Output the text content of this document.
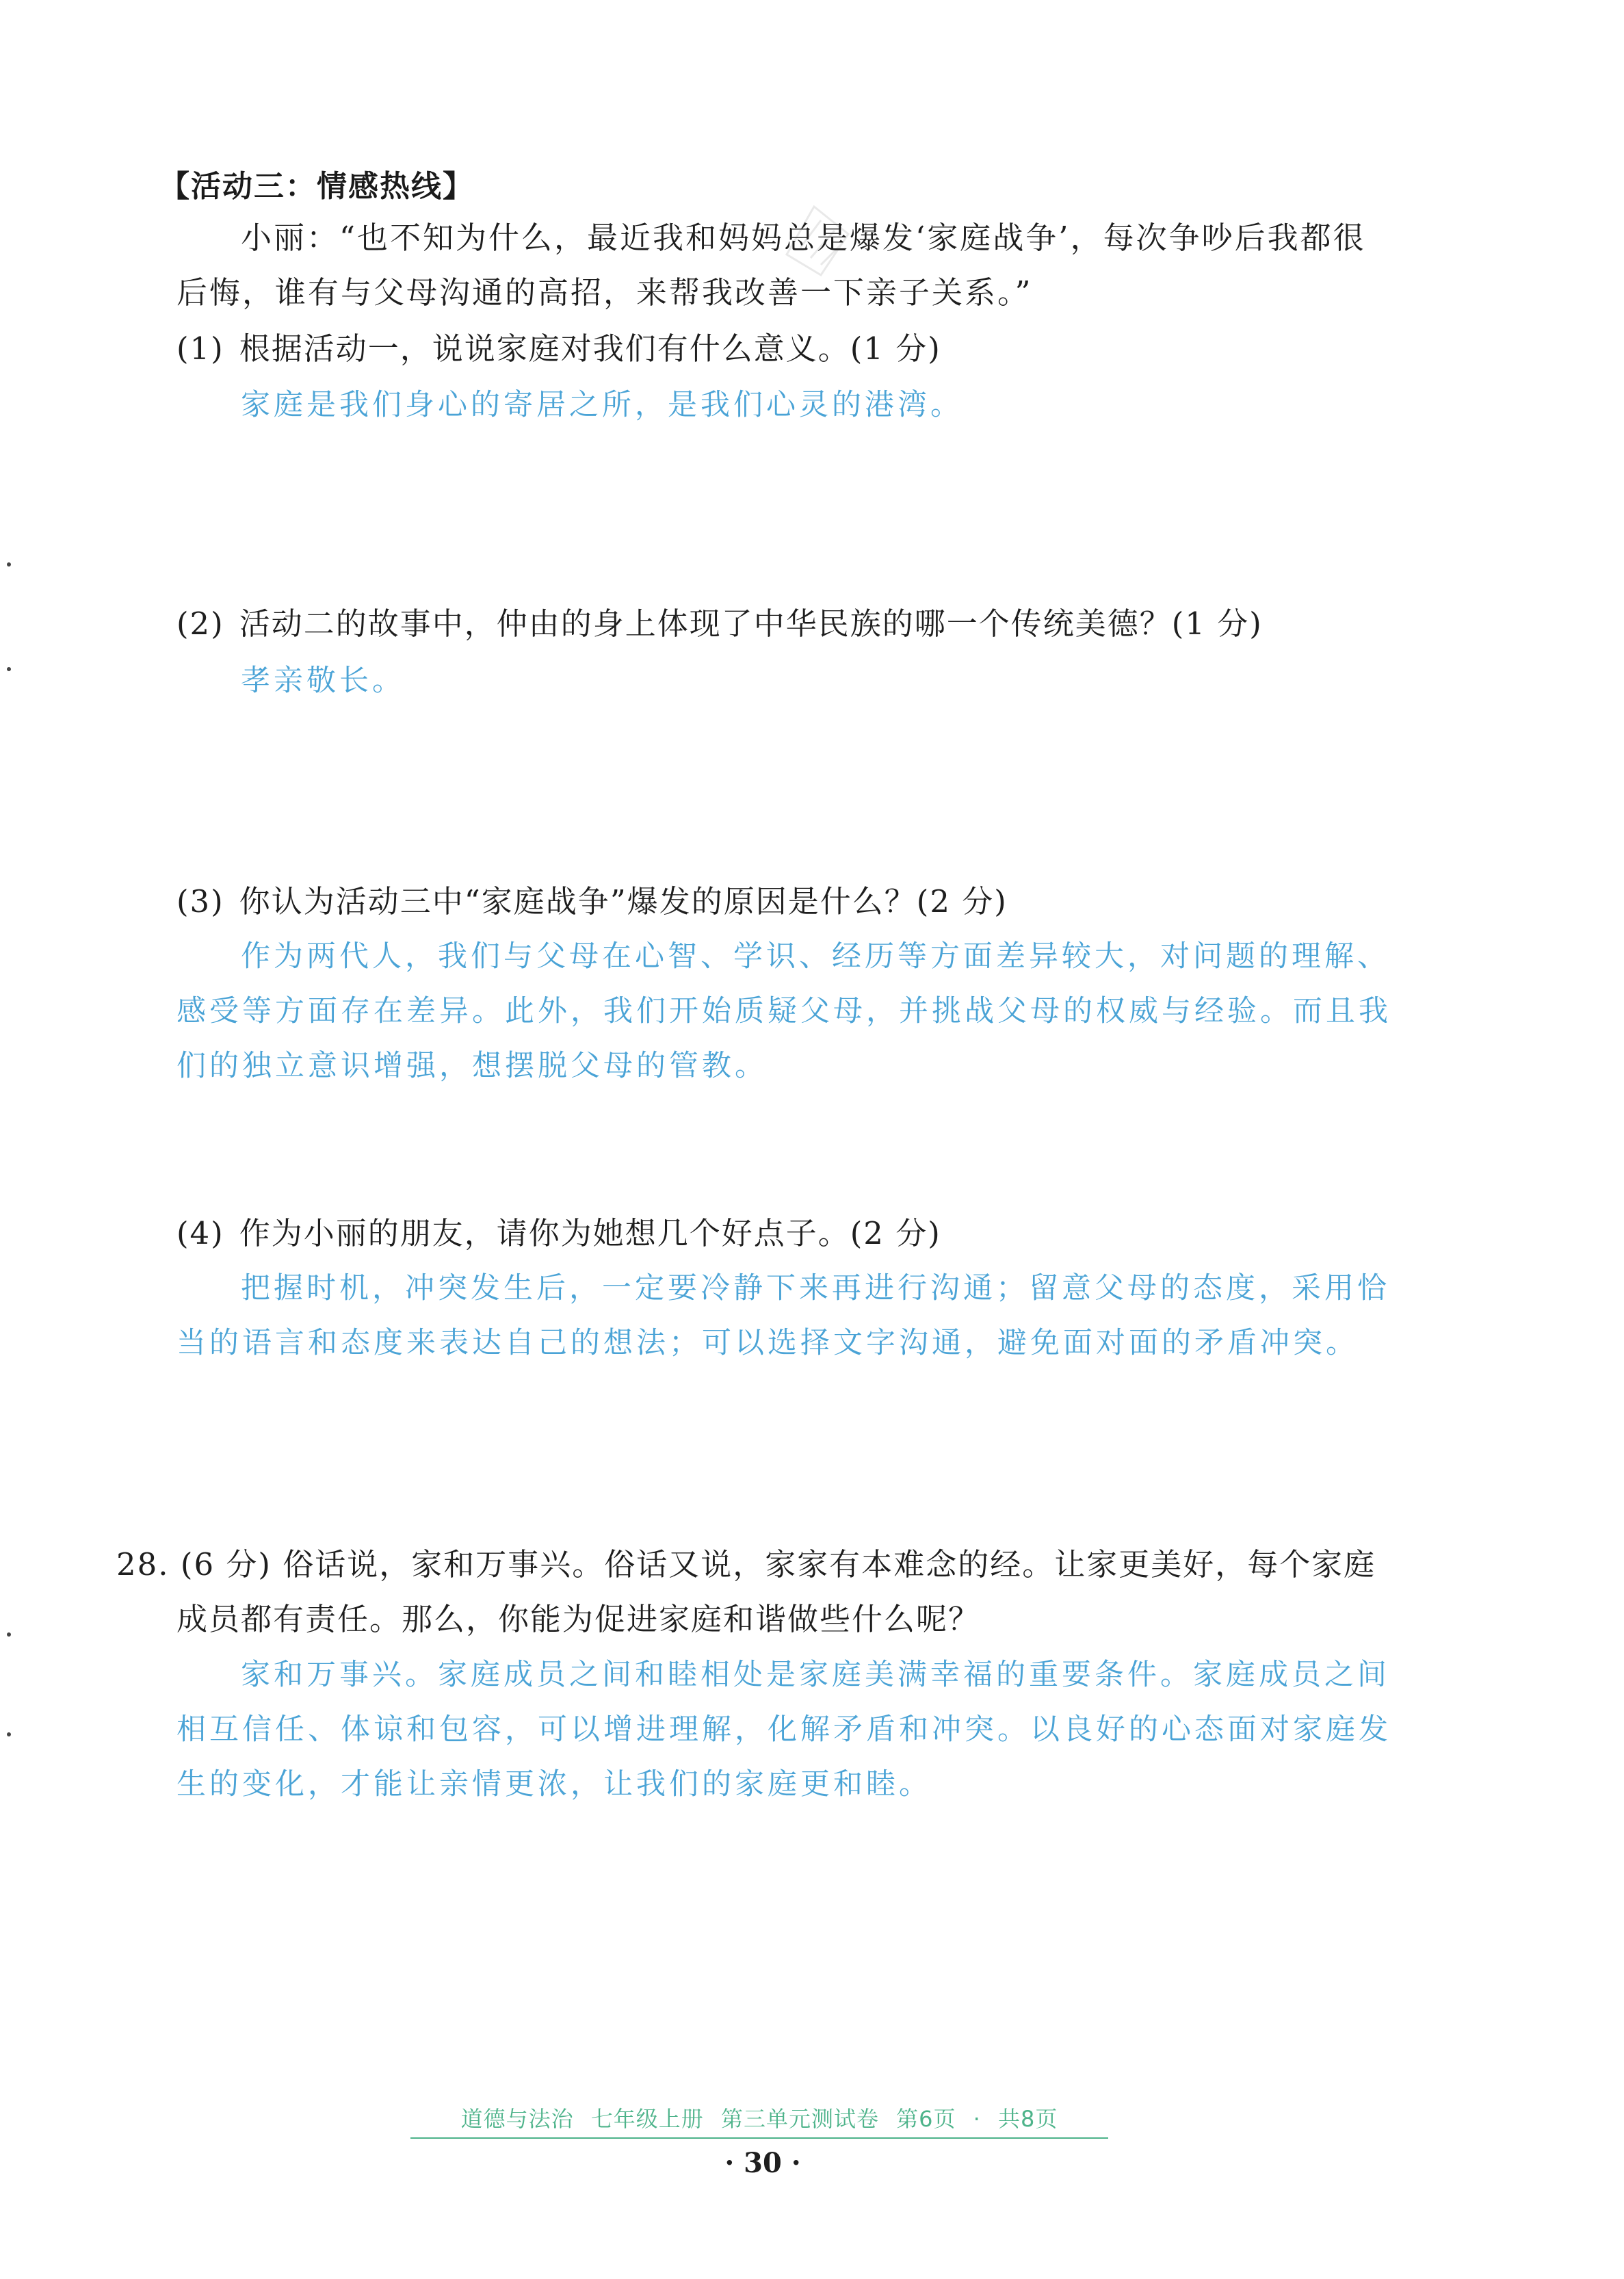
【活动三：情感热线】
小丽：“也不知为什么，最近我和妈妈总是爆发‘家庭战争’，每次争吵后我都很
后悔，谁有与父母沟通的高招，来帮我改善一下亲子关系。”
(1) 根据活动一，说说家庭对我们有什么意义。(1 分)
家庭是我们身心的寄居之所，是我们心灵的港湾。
(2) 活动二的故事中，仲由的身上体现了中华民族的哪一个传统美德？(1 分)
孝亲敬长。
(3) 你认为活动三中“家庭战争”爆发的原因是什么？(2 分)
作为两代人，我们与父母在心智、学识、经历等方面差异较大，对问题的理解、
感受等方面存在差异。此外，我们开始质疑父母，并挑战父母的权威与经验。而且我
们的独立意识增强，想摆脱父母的管教。
(4) 作为小丽的朋友，请你为她想几个好点子。(2 分)
把握时机，冲突发生后，一定要冷静下来再进行沟通；留意父母的态度，采用恰
当的语言和态度来表达自己的想法；可以选择文字沟通，避免面对面的矛盾冲突。
28. (6 分) 俗话说，家和万事兴。俗话又说，家家有本难念的经。让家更美好，每个家庭
成员都有责任。那么，你能为促进家庭和谐做些什么呢？
家和万事兴。家庭成员之间和睦相处是家庭美满幸福的重要条件。家庭成员之间
相互信任、体谅和包容，可以增进理解，化解矛盾和冲突。以良好的心态面对家庭发
生的变化，才能让亲情更浓，让我们的家庭更和睦。
道德与法治 七年级上册 第三单元测试卷 第6页 · 共8页
· 30 ·
